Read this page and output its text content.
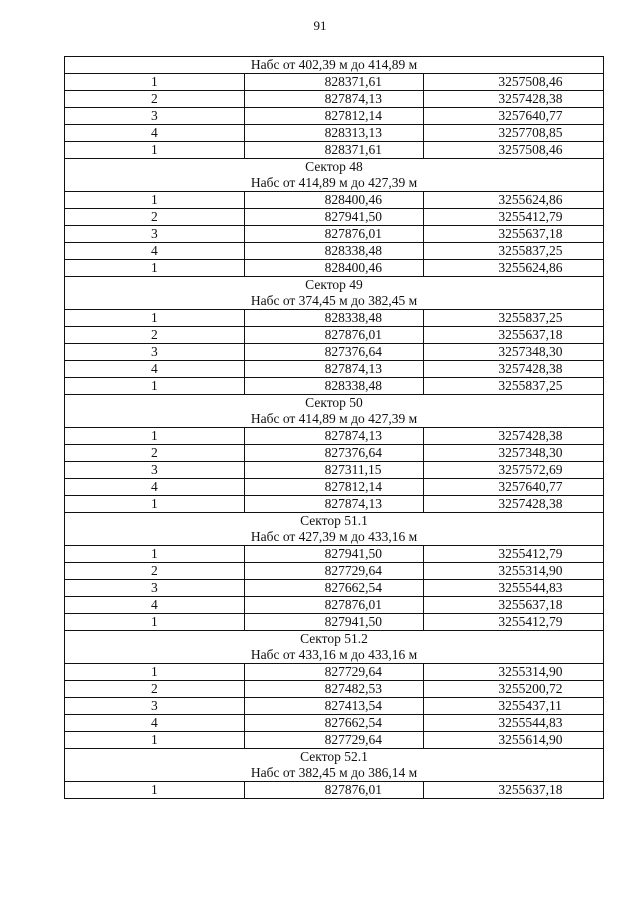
91
Набс от 402,39 м до 414,89 м		
1	828371,61	3257508,46
2	827874,13	3257428,38
3	827812,14	3257640,77
4	828313,13	3257708,85
1	828371,61	3257508,46
Сектор 48		
Набс от 414,89 м до 427,39 м		
1	828400,46	3255624,86
2	827941,50	3255412,79
3	827876,01	3255637,18
4	828338,48	3255837,25
1	828400,46	3255624,86
Сектор 49		
Набс от 374,45 м до 382,45 м		
1	828338,48	3255837,25
2	827876,01	3255637,18
3	827376,64	3257348,30
4	827874,13	3257428,38
1	828338,48	3255837,25
Сектор 50		
Набс от 414,89 м до 427,39 м		
1	827874,13	3257428,38
2	827376,64	3257348,30
3	827311,15	3257572,69
4	827812,14	3257640,77
1	827874,13	3257428,38
Сектор 51.1		
Набс от 427,39 м до 433,16 м		
1	827941,50	3255412,79
2	827729,64	3255314,90
3	827662,54	3255544,83
4	827876,01	3255637,18
1	827941,50	3255412,79
Сектор 51.2		
Набс от 433,16 м до 433,16 м		
1	827729,64	3255314,90
2	827482,53	3255200,72
3	827413,54	3255437,11
4	827662,54	3255544,83
1	827729,64	3255614,90
Сектор 52.1		
Набс от 382,45 м до 386,14 м		
1	827876,01	3255637,18
